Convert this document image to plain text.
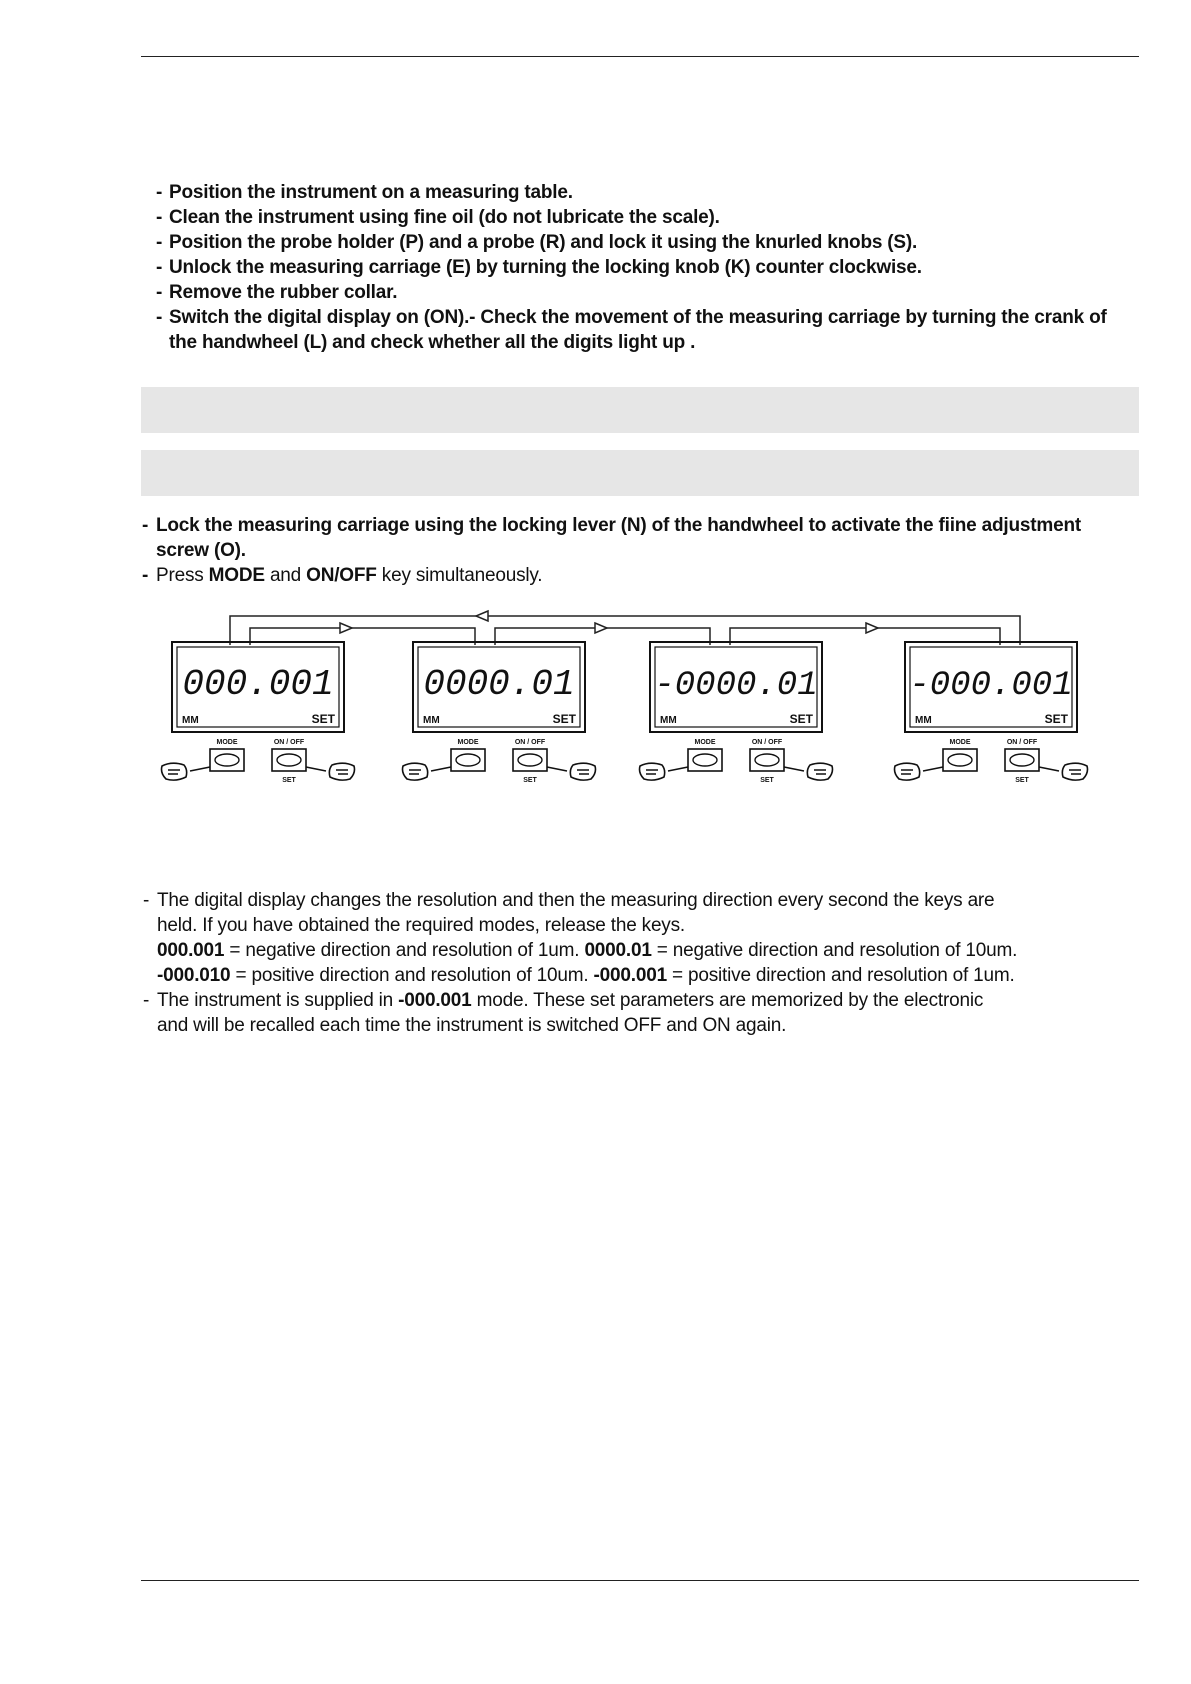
- Position the instrument on a measuring table.
- Clean the instrument using fine oil (do not lubricate the scale).
- Position the probe holder (P) and a probe (R) and lock it using the knurled knobs (S).
- Unlock the measuring carriage (E) by turning the locking knob (K) counter clockwise.
- Remove the rubber collar.
- Switch the digital display on (ON).- Check the movement of the measuring carriage by turning the crank of the handwheel (L) and check whether all the digits light up .
- Lock the measuring carriage using the locking lever (N) of the handwheel to activate the fiine adjustment screw (O).
- Press MODE and ON/OFF key simultaneously.
000.001
MM	SET
MODE	ON / OFF
SET
0000.01
MM	SET
MODE	ON / OFF
SET
-0000.01
MM	SET
MODE	ON / OFF
SET
-000.001
MM	SET
MODE	ON / OFF
SET
- The digital display changes the resolution and then the measuring direction every second the keys are
held. If you have obtained the required modes, release the keys.
000.001 = negative direction and resolution of 1um. 0000.01 = negative direction and resolution of 10um.
-000.010 = positive direction and resolution of 10um. -000.001 = positive direction and resolution of 1um.
- The instrument is supplied in -000.001 mode. These set parameters are memorized by the electronic
and will be recalled each time the instrument is switched OFF and ON again.
